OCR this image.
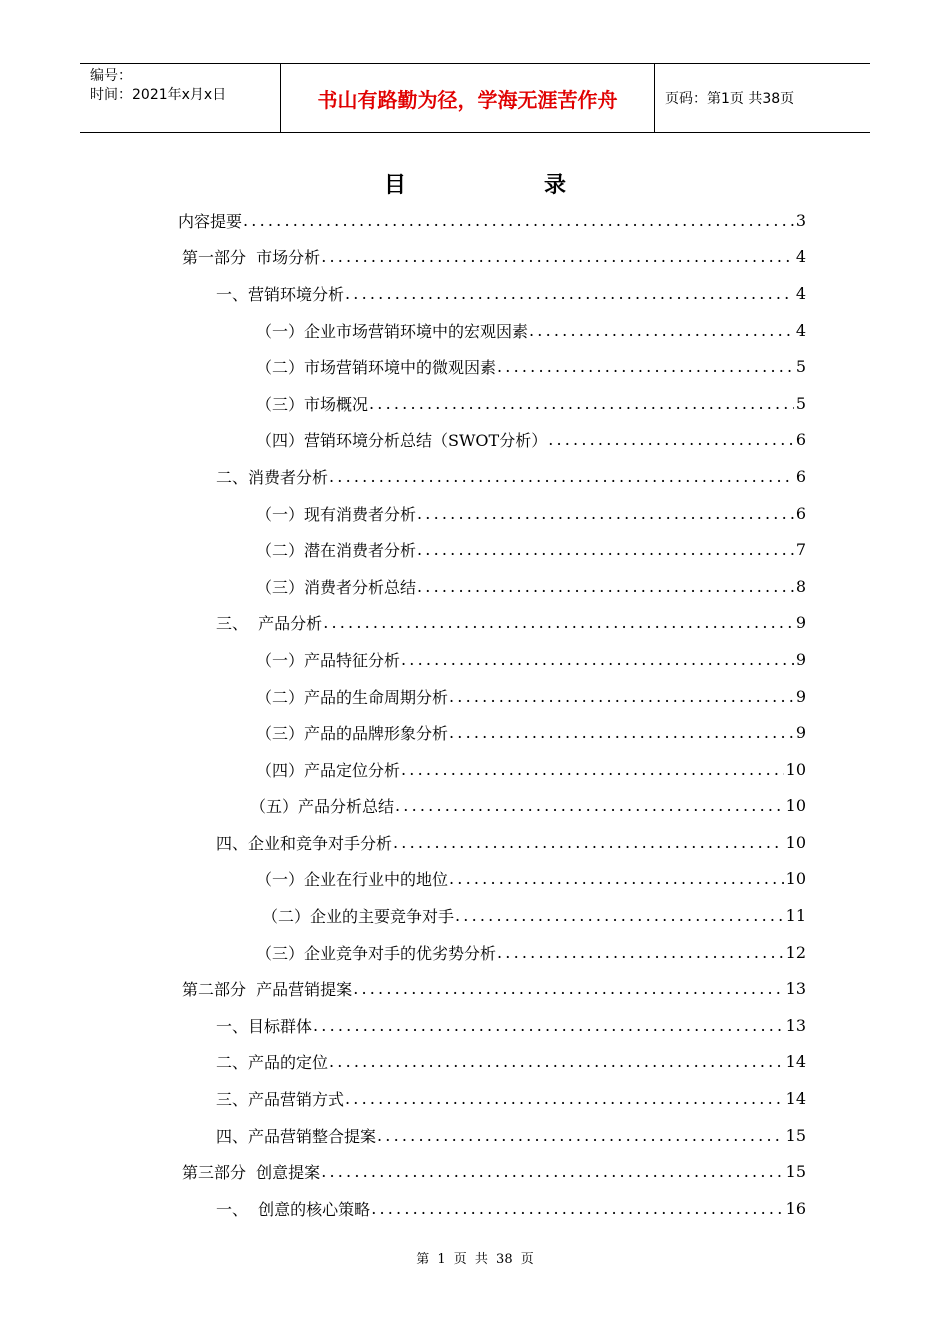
编号：
时间：2021年x月x日	书山有路勤为径，学海无涯苦作舟	页码：第1页 共38页
目录
内容提要 .....	3
第一部分  市场分析 .....	4
一、营销环境分析 .....	4
（一）企业市场营销环境中的宏观因素 .....	4
（二）市场营销环境中的微观因素 .....	5
（三）市场概况 .....	5
（四）营销环境分析总结（SWOT分析） .....	6
二、消费者分析 .....	6
（一）现有消费者分析 .....	6
（二）潜在消费者分析 .....	7
（三）消费者分析总结 .....	8
三、  产品分析 .....	9
（一）产品特征分析 .....	9
（二）产品的生命周期分析 .....	9
（三）产品的品牌形象分析 .....	9
（四）产品定位分析 .....	10
（五）产品分析总结 .....	10
四、企业和竞争对手分析 .....	10
（一）企业在行业中的地位 .....	10
（二）企业的主要竞争对手 .....	11
（三）企业竞争对手的优劣势分析 .....	12
第二部分  产品营销提案 .....	13
一、目标群体 .....	13
二、产品的定位 .....	14
三、产品营销方式 .....	14
四、产品营销整合提案 .....	15
第三部分  创意提案 .....	15
一、  创意的核心策略 .....	16
第 1 页 共 38 页
